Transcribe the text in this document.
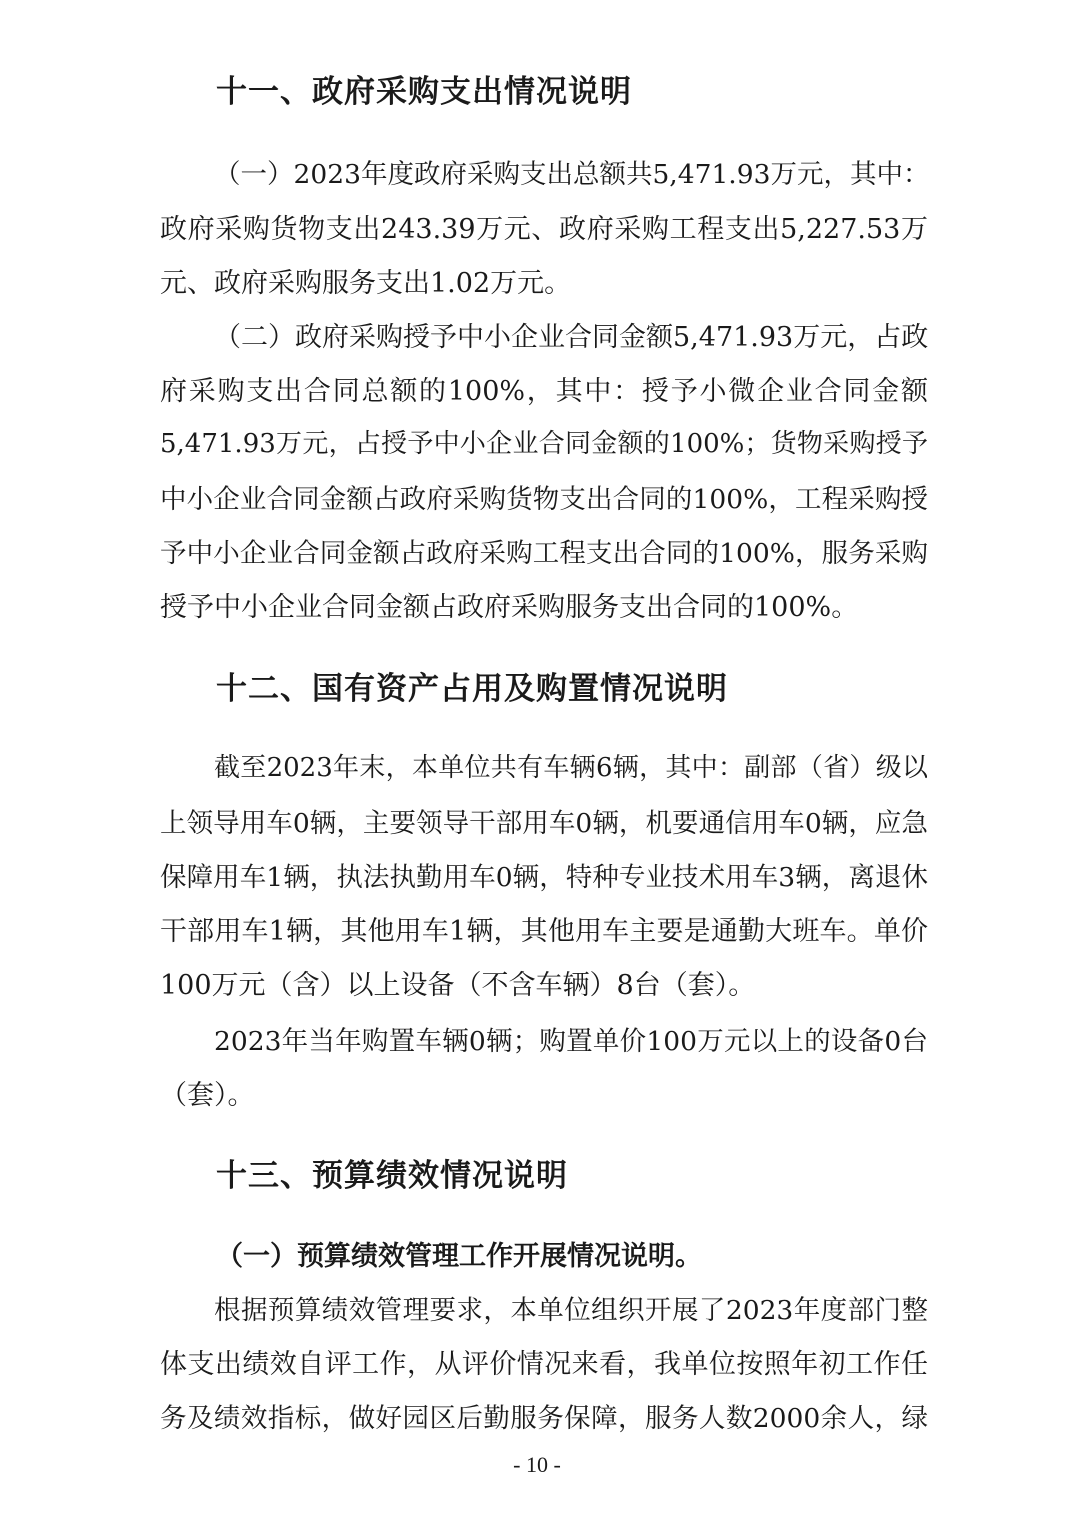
十一、政府采购支出情况说明
（一）2023年度政府采购支出总额共5,471.93万元，其中：
政府采购货物支出243.39万元、政府采购工程支出5,227.53万
元、政府采购服务支出1.02万元。
（二）政府采购授予中小企业合同金额5,471.93万元，占政
府采购支出合同总额的100%，其中：授予小微企业合同金额
5,471.93万元，占授予中小企业合同金额的100%；货物采购授予
中小企业合同金额占政府采购货物支出合同的100%，工程采购授
予中小企业合同金额占政府采购工程支出合同的100%，服务采购
授予中小企业合同金额占政府采购服务支出合同的100%。
十二、国有资产占用及购置情况说明
截至2023年末，本单位共有车辆6辆，其中：副部（省）级以
上领导用车0辆，主要领导干部用车0辆，机要通信用车0辆，应急
保障用车1辆，执法执勤用车0辆，特种专业技术用车3辆，离退休
干部用车1辆，其他用车1辆，其他用车主要是通勤大班车。单价
100万元（含）以上设备（不含车辆）8台（套）。
2023年当年购置车辆0辆；购置单价100万元以上的设备0台
（套）。
十三、预算绩效情况说明
（一）预算绩效管理工作开展情况说明。
根据预算绩效管理要求，本单位组织开展了2023年度部门整
体支出绩效自评工作，从评价情况来看，我单位按照年初工作任
务及绩效指标，做好园区后勤服务保障，服务人数2000余人，绿
- 10 -
